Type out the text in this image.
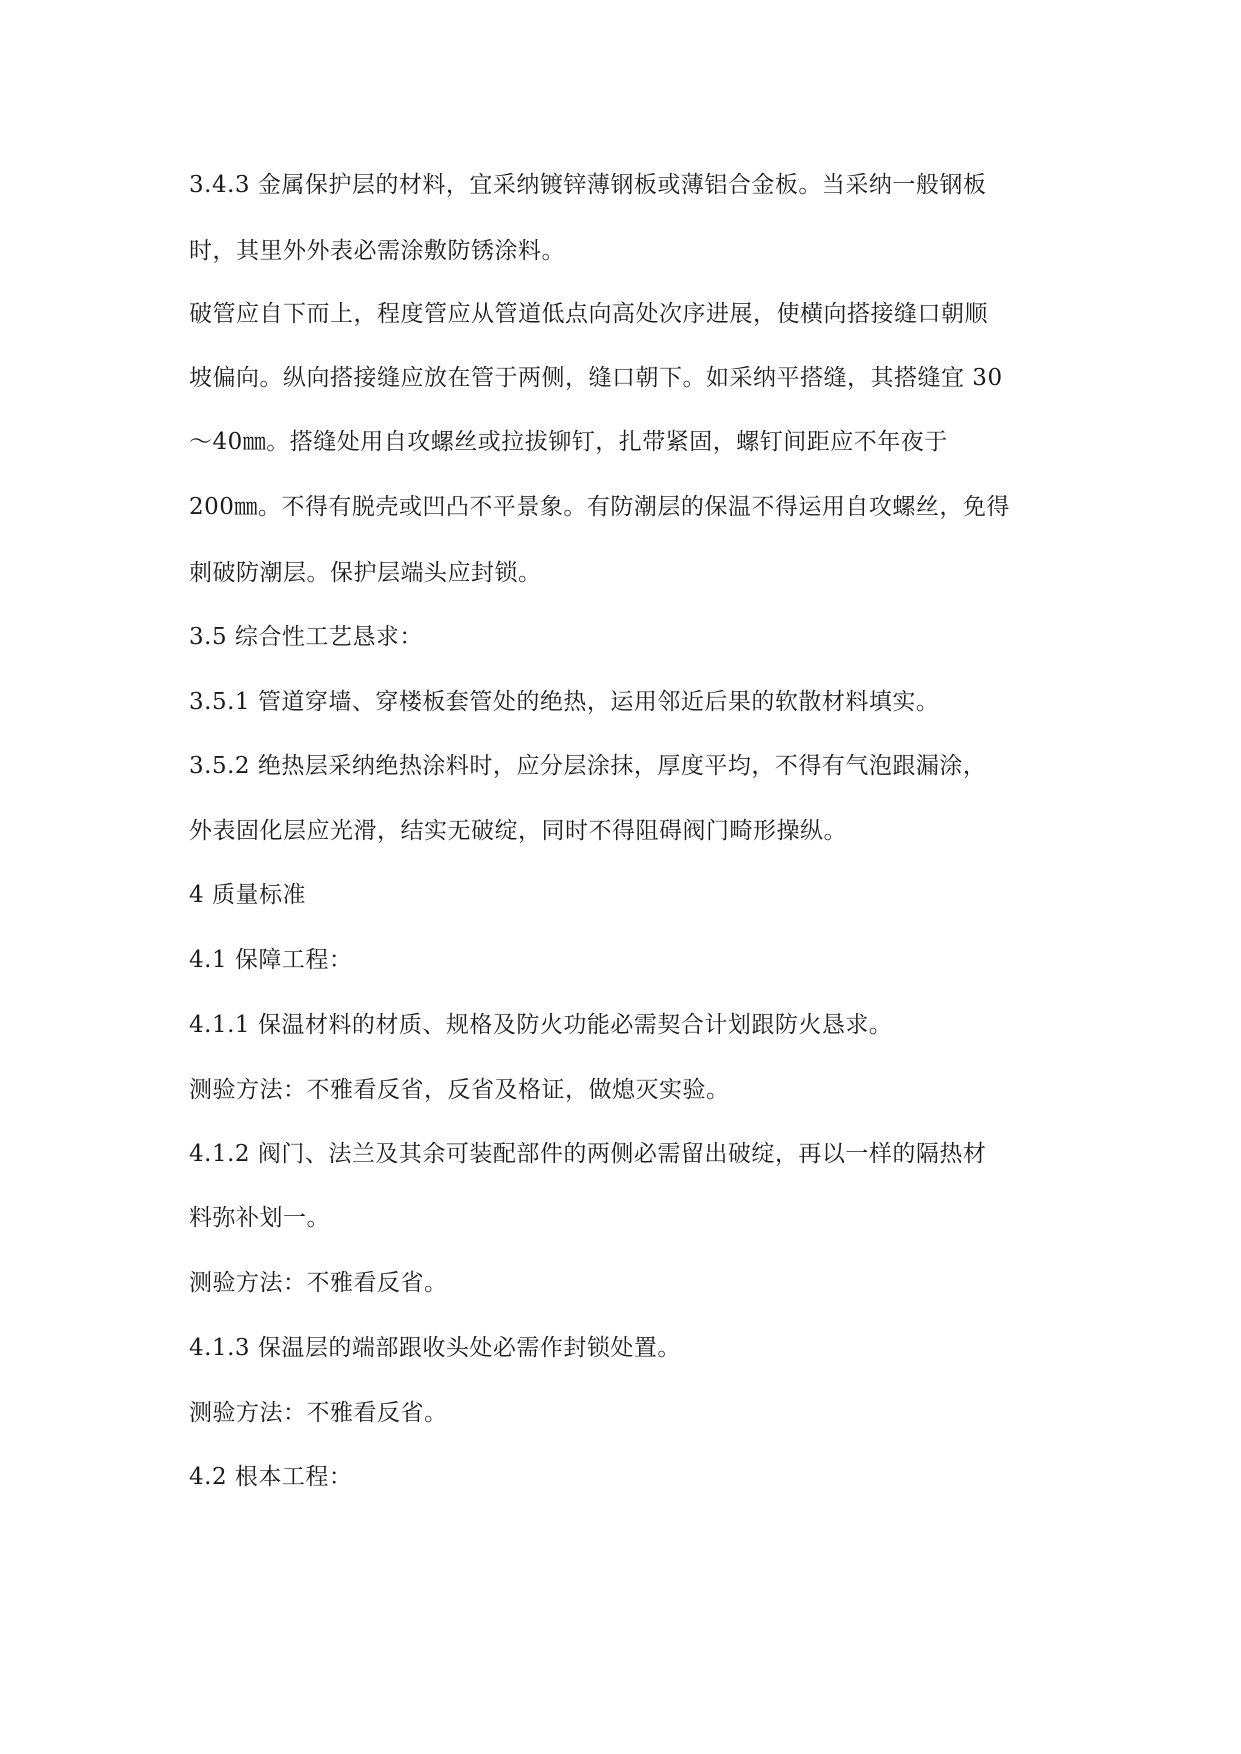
3.4.3 金属保护层的材料，宜采纳镀锌薄钢板或薄铝合金板。当采纳一般钢板

时，其里外外表必需涂敷防锈涂料。

破管应自下而上，程度管应从管道低点向高处次序进展，使横向搭接缝口朝顺

坡偏向。纵向搭接缝应放在管于两侧，缝口朝下。如采纳平搭缝，其搭缝宜 30

～40㎜。搭缝处用自攻螺丝或拉拔铆钉，扎带紧固，螺钉间距应不年夜于

200㎜。不得有脱壳或凹凸不平景象。有防潮层的保温不得运用自攻螺丝，免得

刺破防潮层。保护层端头应封锁。

3.5 综合性工艺恳求：

3.5.1 管道穿墙、穿楼板套管处的绝热，运用邻近后果的软散材料填实。

3.5.2 绝热层采纳绝热涂料时，应分层涂抹，厚度平均，不得有气泡跟漏涂，

外表固化层应光滑，结实无破绽，同时不得阻碍阀门畸形操纵。

4 质量标准

4.1 保障工程：

4.1.1 保温材料的材质、规格及防火功能必需契合计划跟防火恳求。

测验方法：不雅看反省，反省及格证，做熄灭实验。

4.1.2 阀门、法兰及其余可装配部件的两侧必需留出破绽，再以一样的隔热材

料弥补划一。

测验方法：不雅看反省。

4.1.3 保温层的端部跟收头处必需作封锁处置。

测验方法：不雅看反省。

4.2 根本工程：
